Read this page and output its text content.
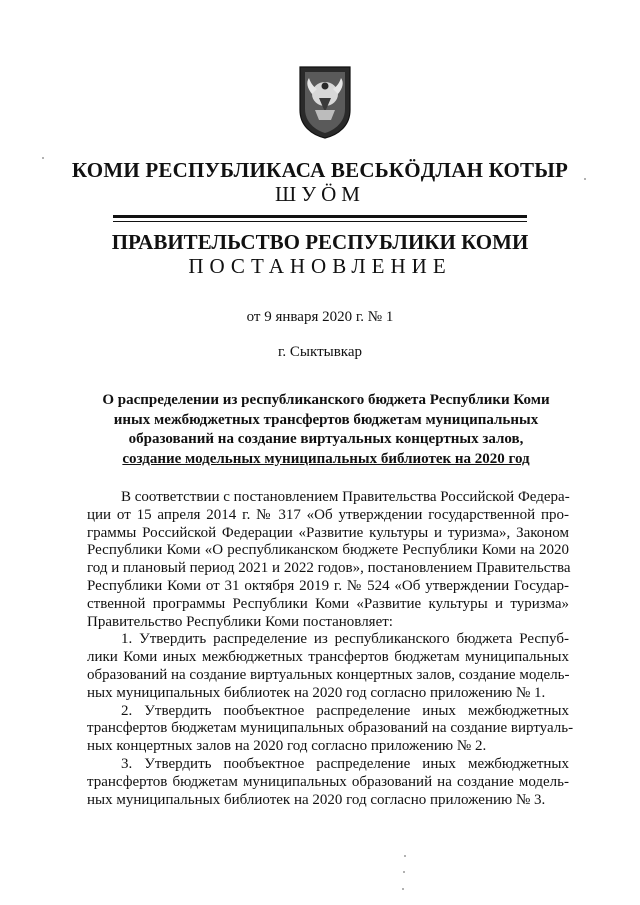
КОМИ РЕСПУБЛИКАСА ВЕСЬКӦДЛАН КОТЫР
ШУӦМ
ПРАВИТЕЛЬСТВО РЕСПУБЛИКИ КОМИ
ПОСТАНОВЛЕНИЕ
от 9 января 2020 г. № 1
г. Сыктывкар
О распределении из республиканского бюджета Республики Коми
иных межбюджетных трансфертов бюджетам муниципальных
образований на создание виртуальных концертных залов,
создание модельных муниципальных библиотек на 2020 год
В соответствии с постановлением Правительства Российской Федера-
ции от 15 апреля 2014 г. № 317 «Об утверждении государственной про-
граммы Российской Федерации «Развитие культуры и туризма», Законом
Республики Коми «О республиканском бюджете Республики Коми на 2020
год и плановый период 2021 и 2022 годов», постановлением Правительства
Республики Коми от 31 октября 2019 г. № 524 «Об утверждении Государ-
ственной программы Республики Коми «Развитие культуры и туризма»
Правительство Республики Коми постановляет:
1. Утвердить распределение из республиканского бюджета Респуб-
лики Коми иных межбюджетных трансфертов бюджетам муниципальных
образований на создание виртуальных концертных залов, создание модель-
ных муниципальных библиотек на 2020 год согласно приложению № 1.
2. Утвердить пообъектное распределение иных межбюджетных
трансфертов бюджетам муниципальных образований на создание виртуаль-
ных концертных залов на 2020 год согласно приложению № 2.
3. Утвердить пообъектное распределение иных межбюджетных
трансфертов бюджетам муниципальных образований на создание модель-
ных муниципальных библиотек на 2020 год согласно приложению № 3.
